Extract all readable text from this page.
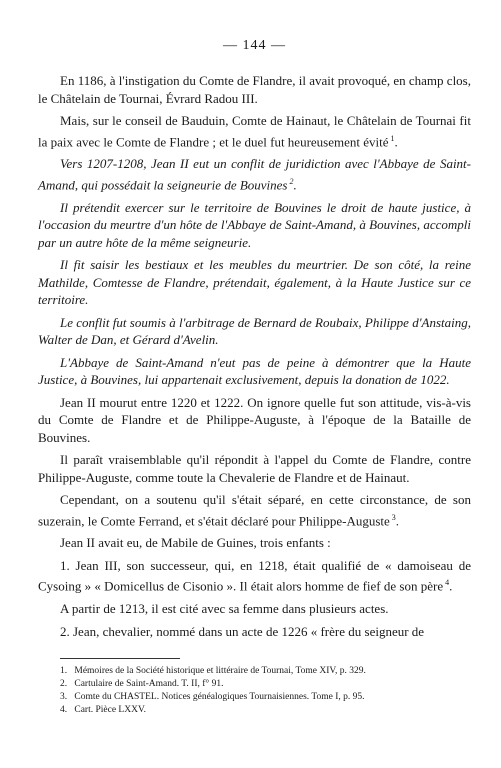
— 144 —

En 1186, à l'instigation du Comte de Flandre, il avait provoqué, en champ clos, le Châtelain de Tournai, Évrard Radou III.

Mais, sur le conseil de Bauduin, Comte de Hainaut, le Châtelain de Tournai fit la paix avec le Comte de Flandre ; et le duel fut heureusement évité $^1$.

Vers 1207-1208, Jean II eut un conflit de juridiction avec l'Abbaye de Saint-Amand, qui possédait la seigneurie de Bouvines $^2$.

Il prétendit exercer sur le territoire de Bouvines le droit de haute justice, à l'occasion du meurtre d'un hôte de l'Abbaye de Saint-Amand, à Bouvines, accompli par un autre hôte de la même seigneurie.

Il fit saisir les bestiaux et les meubles du meurtrier. De son côté, la reine Mathilde, Comtesse de Flandre, prétendait, également, à la Haute Justice sur ce territoire.

Le conflit fut soumis à l'arbitrage de Bernard de Roubaix, Philippe d'Anstaing, Walter de Dan, et Gérard d'Avelin.

L'Abbaye de Saint-Amand n'eut pas de peine à démontrer que la Haute Justice, à Bouvines, lui appartenait exclusivement, depuis la donation de 1022.

Jean II mourut entre 1220 et 1222. On ignore quelle fut son attitude, vis-à-vis du Comte de Flandre et de Philippe-Auguste, à l'époque de la Bataille de Bouvines.

Il paraît vraisemblable qu'il répondit à l'appel du Comte de Flandre, contre Philippe-Auguste, comme toute la Chevalerie de Flandre et de Hainaut.

Cependant, on a soutenu qu'il s'était séparé, en cette circonstance, de son suzerain, le Comte Ferrand, et s'était déclaré pour Philippe-Auguste $^3$.

Jean II avait eu, de Mabile de Guines, trois enfants :

1. Jean III, son successeur, qui, en 1218, était qualifié de « damoiseau de Cysoing » « Domicellus de Cisonio ». Il était alors homme de fief de son père $^4$.

A partir de 1213, il est cité avec sa femme dans plusieurs actes.

2. Jean, chevalier, nommé dans un acte de 1226 « frère du seigneur de

1. Mémoires de la Société historique et littéraire de Tournai, Tome XIV, p. 329.
2. Cartulaire de Saint-Amand. T. II, f° 91.
3. Comte du CHASTEL. Notices généalogiques Tournaisiennes. Tome I, p. 95.
4. Cart. Pièce LXXV.
